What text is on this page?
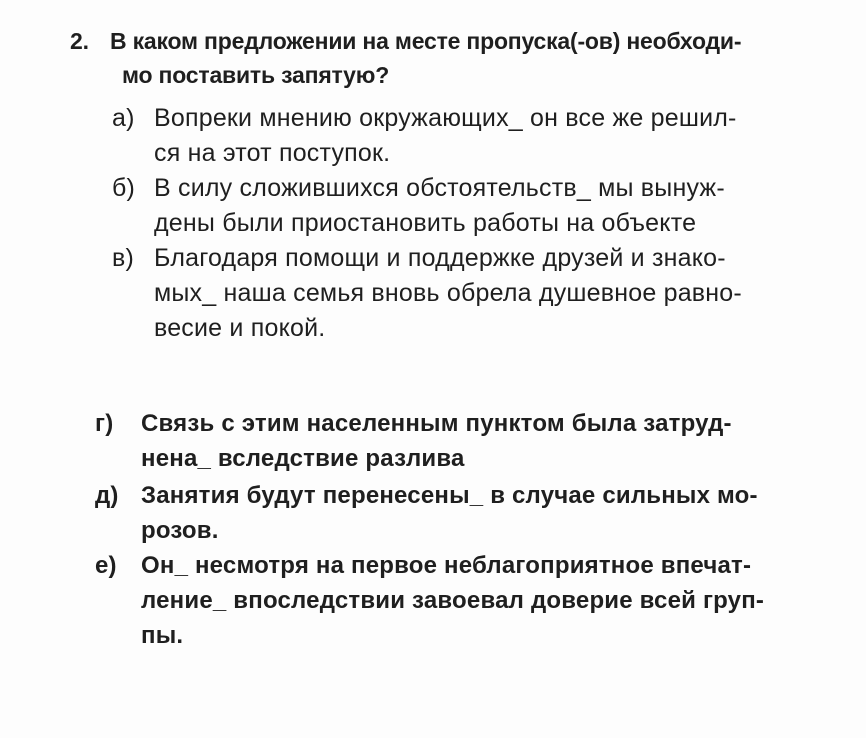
2. В каком предложении на месте пропуска(-ов) необходи-
мо поставить запятую?
а) Вопреки мнению окружающих_ он все же решил-
ся на этот поступок.
б) В силу сложившихся обстоятельств_ мы вынуж-
дены были приостановить работы на объекте
в) Благодаря помощи и поддержке друзей и знако-
мых_ наша семья вновь обрела душевное равно-
весие и покой.
г)	Связь с этим населенным пунктом была затруд-
нена_ вследствие разлива
д) Занятия будут перенесены_ в случае сильных мо-
розов.
е)	Он_ несмотря на первое неблагоприятное впечат-
ление_ впоследствии завоевал доверие всей груп-
пы.
